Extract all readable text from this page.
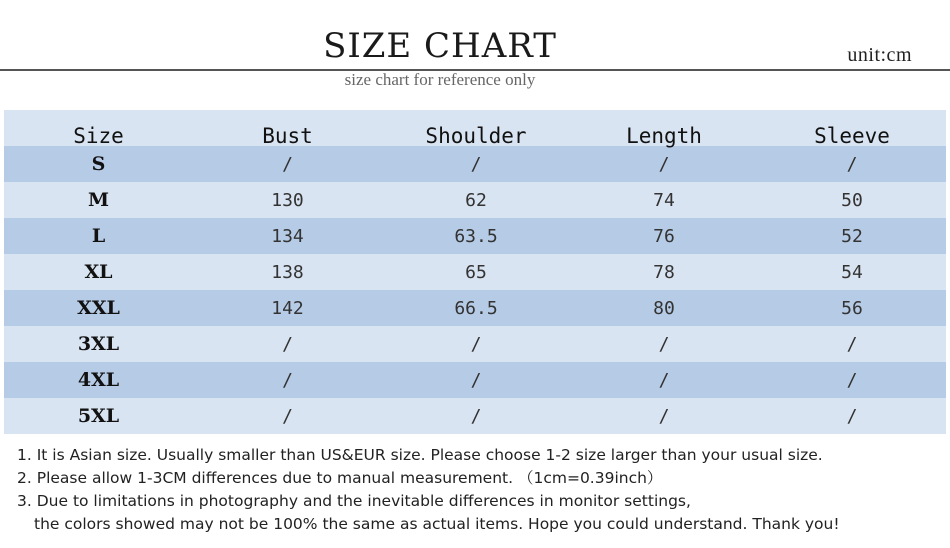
SIZE CHART	unit:cm
size chart for reference only
Size	Bust	Shoulder	Length	Sleeve
S	/	/	/	/
M	130	62	74	50
L	134	63.5	76	52
XL	138	65	78	54
XXL	142	66.5	80	56
3XL	/	/	/	/
4XL	/	/	/	/
5XL	/	/	/	/
1. It is Asian size. Usually smaller than US&EUR size. Please choose 1-2 size larger than your usual size.
2. Please allow 1-3CM differences due to manual measurement. （1cm=0.39inch）
3. Due to limitations in photography and the inevitable differences in monitor settings,
the colors showed may not be 100% the same as actual items. Hope you could understand. Thank you!
